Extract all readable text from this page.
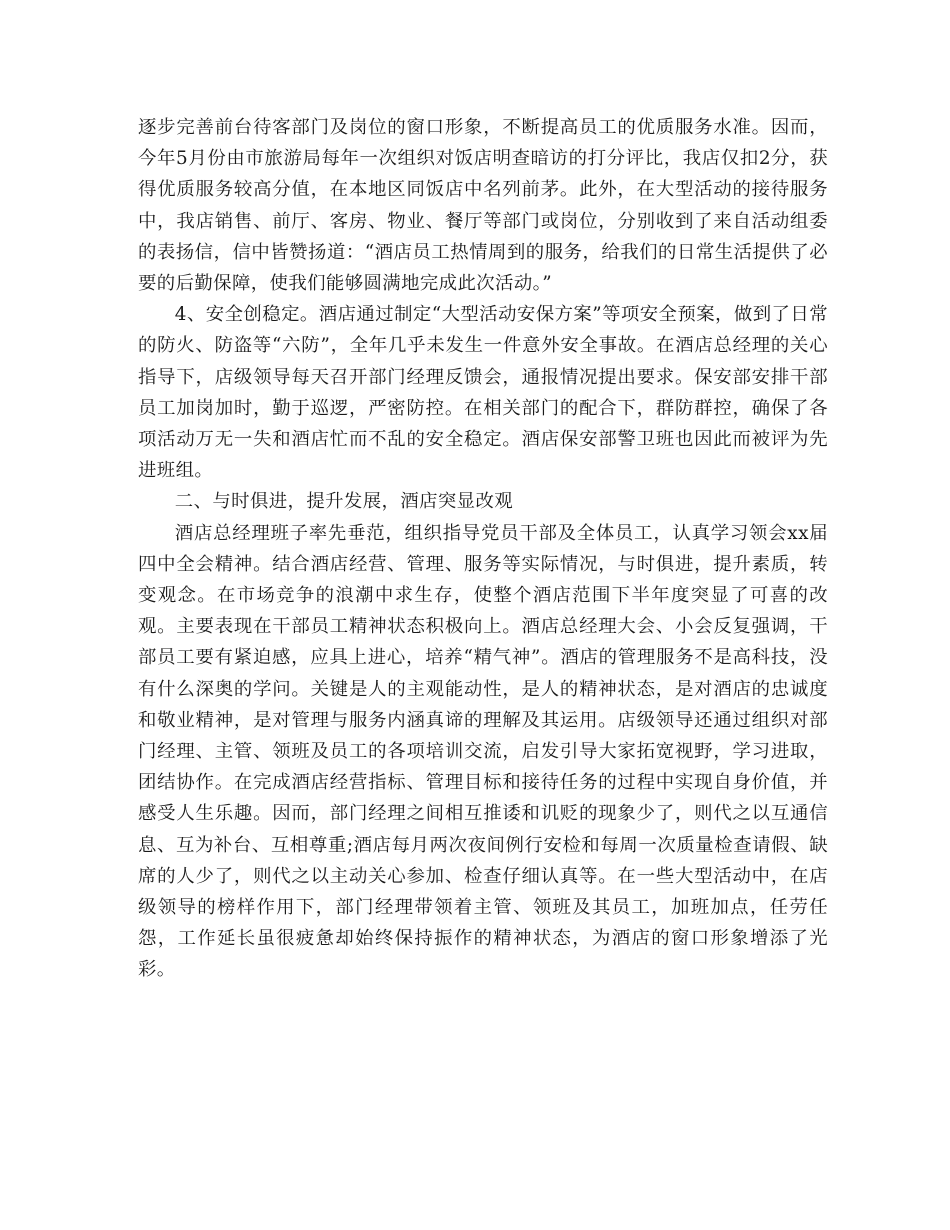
逐步完善前台待客部门及岗位的窗口形象，不断提高员工的优质服务水准。因而，今年5月份由市旅游局每年一次组织对饭店明查暗访的打分评比，我店仅扣2分，获得优质服务较高分值，在本地区同饭店中名列前茅。此外，在大型活动的接待服务中，我店销售、前厅、客房、物业、餐厅等部门或岗位，分别收到了来自活动组委的表扬信，信中皆赞扬道：“酒店员工热情周到的服务，给我们的日常生活提供了必要的后勤保障，使我们能够圆满地完成此次活动。”

4、安全创稳定。酒店通过制定“大型活动安保方案”等项安全预案，做到了日常的防火、防盗等“六防”，全年几乎未发生一件意外安全事故。在酒店总经理的关心指导下，店级领导每天召开部门经理反馈会，通报情况提出要求。保安部安排干部员工加岗加时，勤于巡逻，严密防控。在相关部门的配合下，群防群控，确保了各项活动万无一失和酒店忙而不乱的安全稳定。酒店保安部警卫班也因此而被评为先进班组。

二、与时俱进，提升发展，酒店突显改观

酒店总经理班子率先垂范，组织指导党员干部及全体员工，认真学习领会xx届四中全会精神。结合酒店经营、管理、服务等实际情况，与时俱进，提升素质，转变观念。在市场竞争的浪潮中求生存，使整个酒店范围下半年度突显了可喜的改观。主要表现在干部员工精神状态积极向上。酒店总经理大会、小会反复强调，干部员工要有紧迫感，应具上进心，培养“精气神”。酒店的管理服务不是高科技，没有什么深奥的学问。关键是人的主观能动性，是人的精神状态，是对酒店的忠诚度和敬业精神，是对管理与服务内涵真谛的理解及其运用。店级领导还通过组织对部门经理、主管、领班及员工的各项培训交流，启发引导大家拓宽视野，学习进取，团结协作。在完成酒店经营指标、管理目标和接待任务的过程中实现自身价值，并感受人生乐趣。因而，部门经理之间相互推诿和讥贬的现象少了，则代之以互通信息、互为补台、互相尊重;酒店每月两次夜间例行安检和每周一次质量检查请假、缺席的人少了，则代之以主动关心参加、检查仔细认真等。在一些大型活动中，在店级领导的榜样作用下，部门经理带领着主管、领班及其员工，加班加点，任劳任怨，工作延长虽很疲惫却始终保持振作的精神状态，为酒店的窗口形象增添了光彩。
